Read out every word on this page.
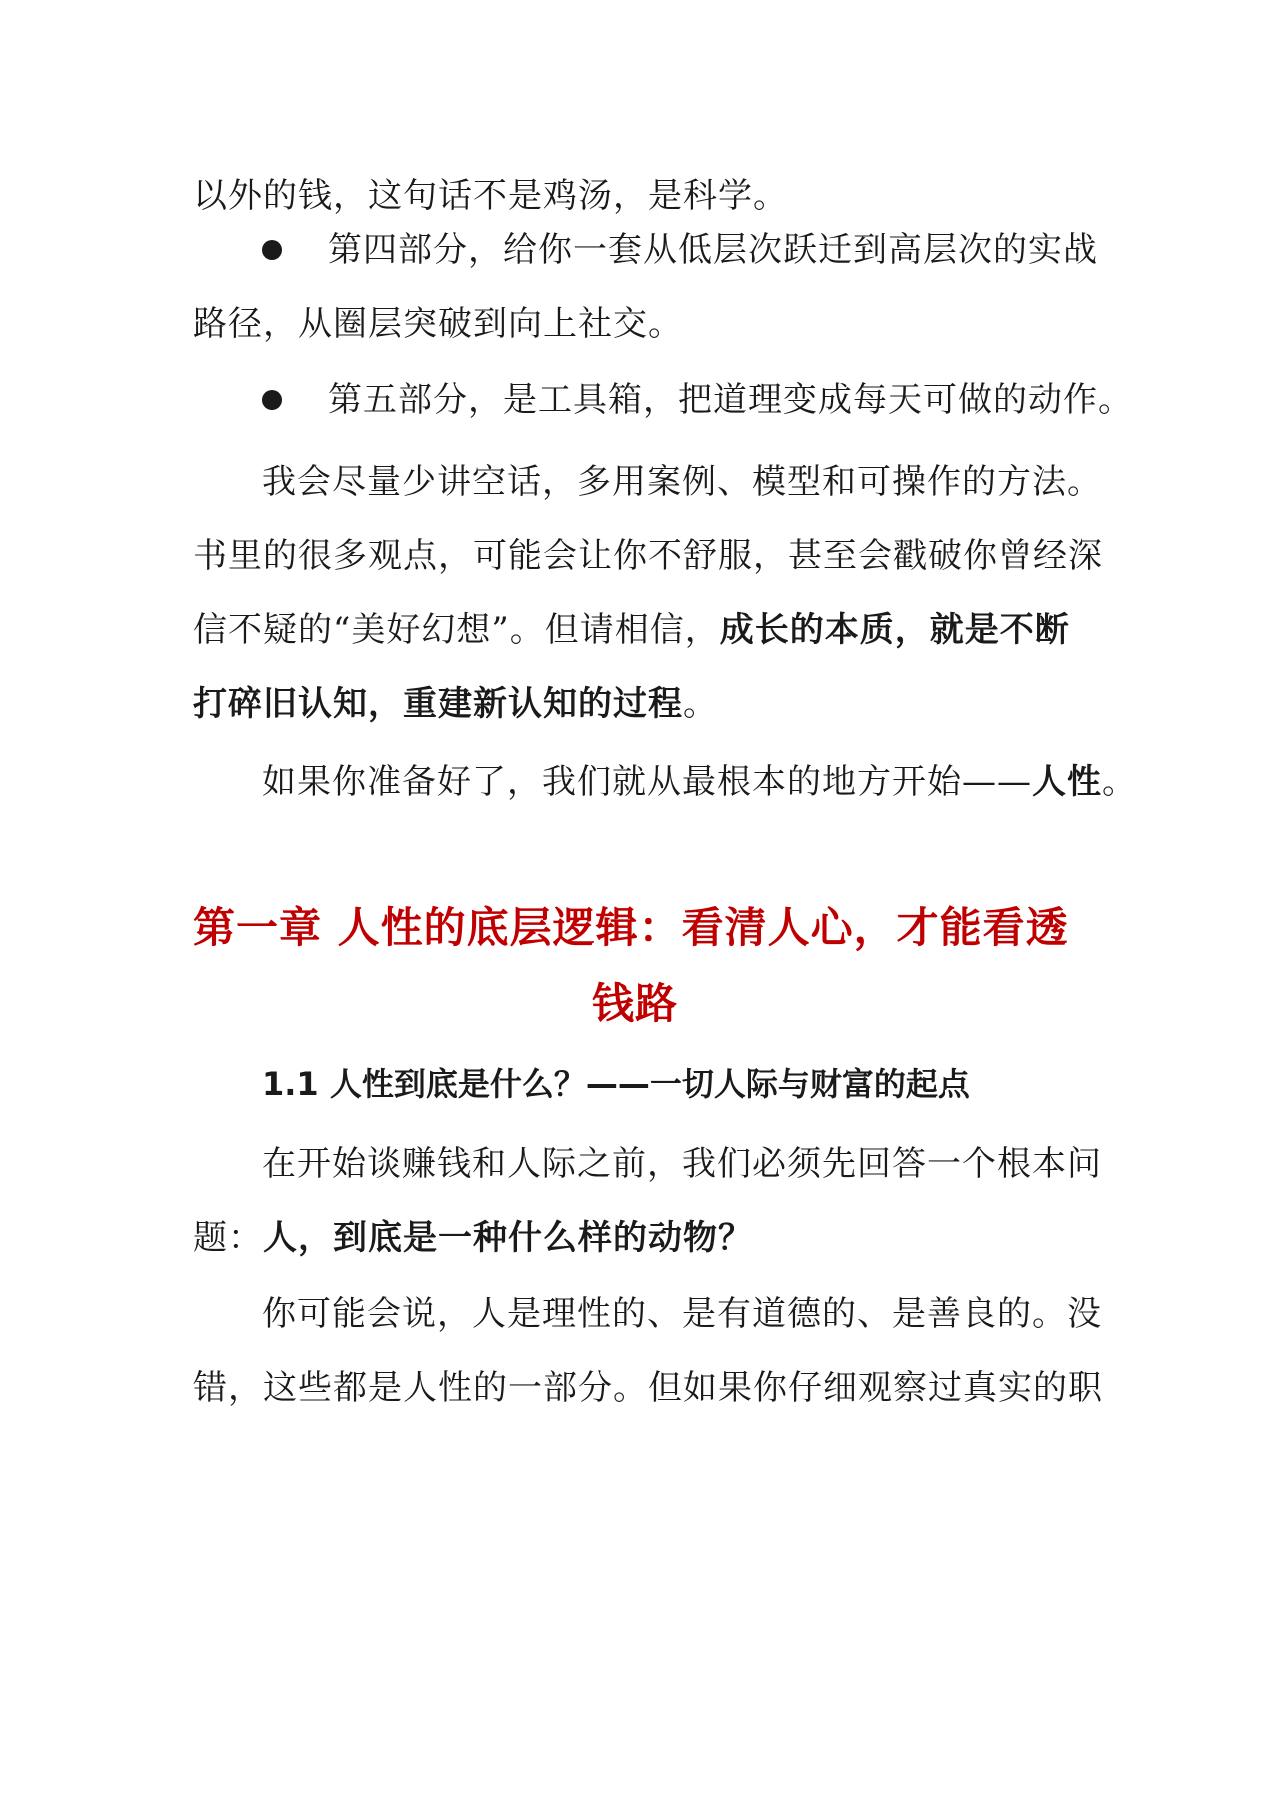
以外的钱，这句话不是鸡汤，是科学。
第四部分，给你一套从低层次跃迁到高层次的实战
路径，从圈层突破到向上社交。
第五部分，是工具箱，把道理变成每天可做的动作。
我会尽量少讲空话，多用案例、模型和可操作的方法。
书里的很多观点，可能会让你不舒服，甚至会戳破你曾经深
信不疑的“美好幻想”。但请相信，成长的本质，就是不断
打碎旧认知，重建新认知的过程。
如果你准备好了，我们就从最根本的地方开始——人性。
第一章 人性的底层逻辑：看清人心，才能看透
钱路
1.1 人性到底是什么？——一切人际与财富的起点
在开始谈赚钱和人际之前，我们必须先回答一个根本问
题：人，到底是一种什么样的动物？
你可能会说，人是理性的、是有道德的、是善良的。没
错，这些都是人性的一部分。但如果你仔细观察过真实的职
